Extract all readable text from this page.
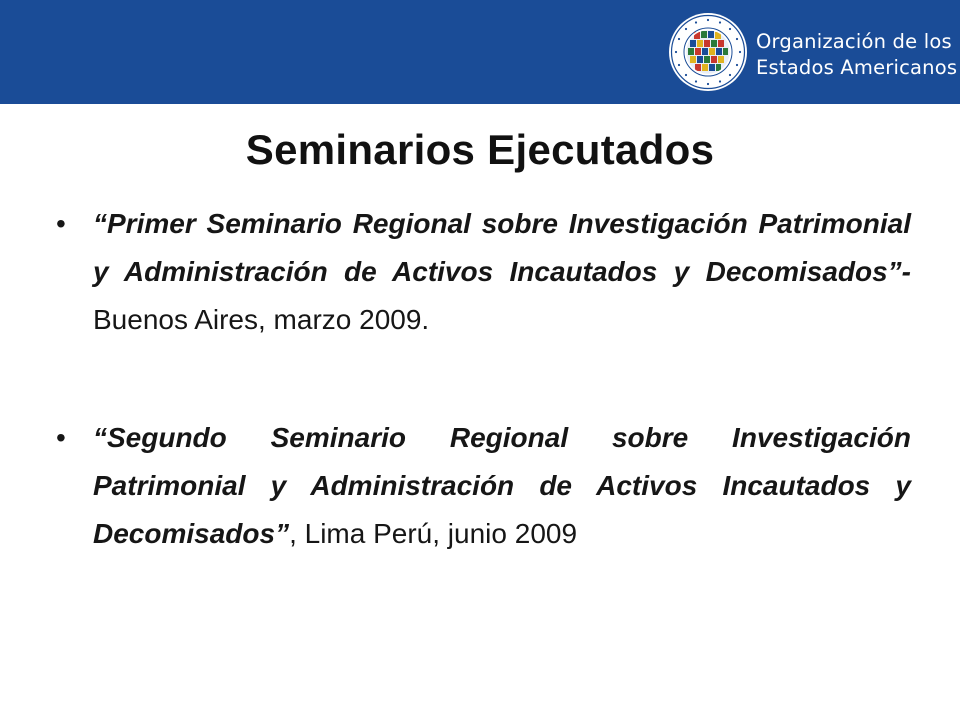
Organización de los
Estados Americanos
Seminarios Ejecutados
• “Primer Seminario Regional sobre Investigación Patrimonial y Administración de Activos Incautados y Decomisados”- Buenos Aires, marzo 2009.
• “Segundo Seminario Regional sobre Investigación Patrimonial y Administración de Activos Incautados y Decomisados”, Lima Perú, junio 2009
